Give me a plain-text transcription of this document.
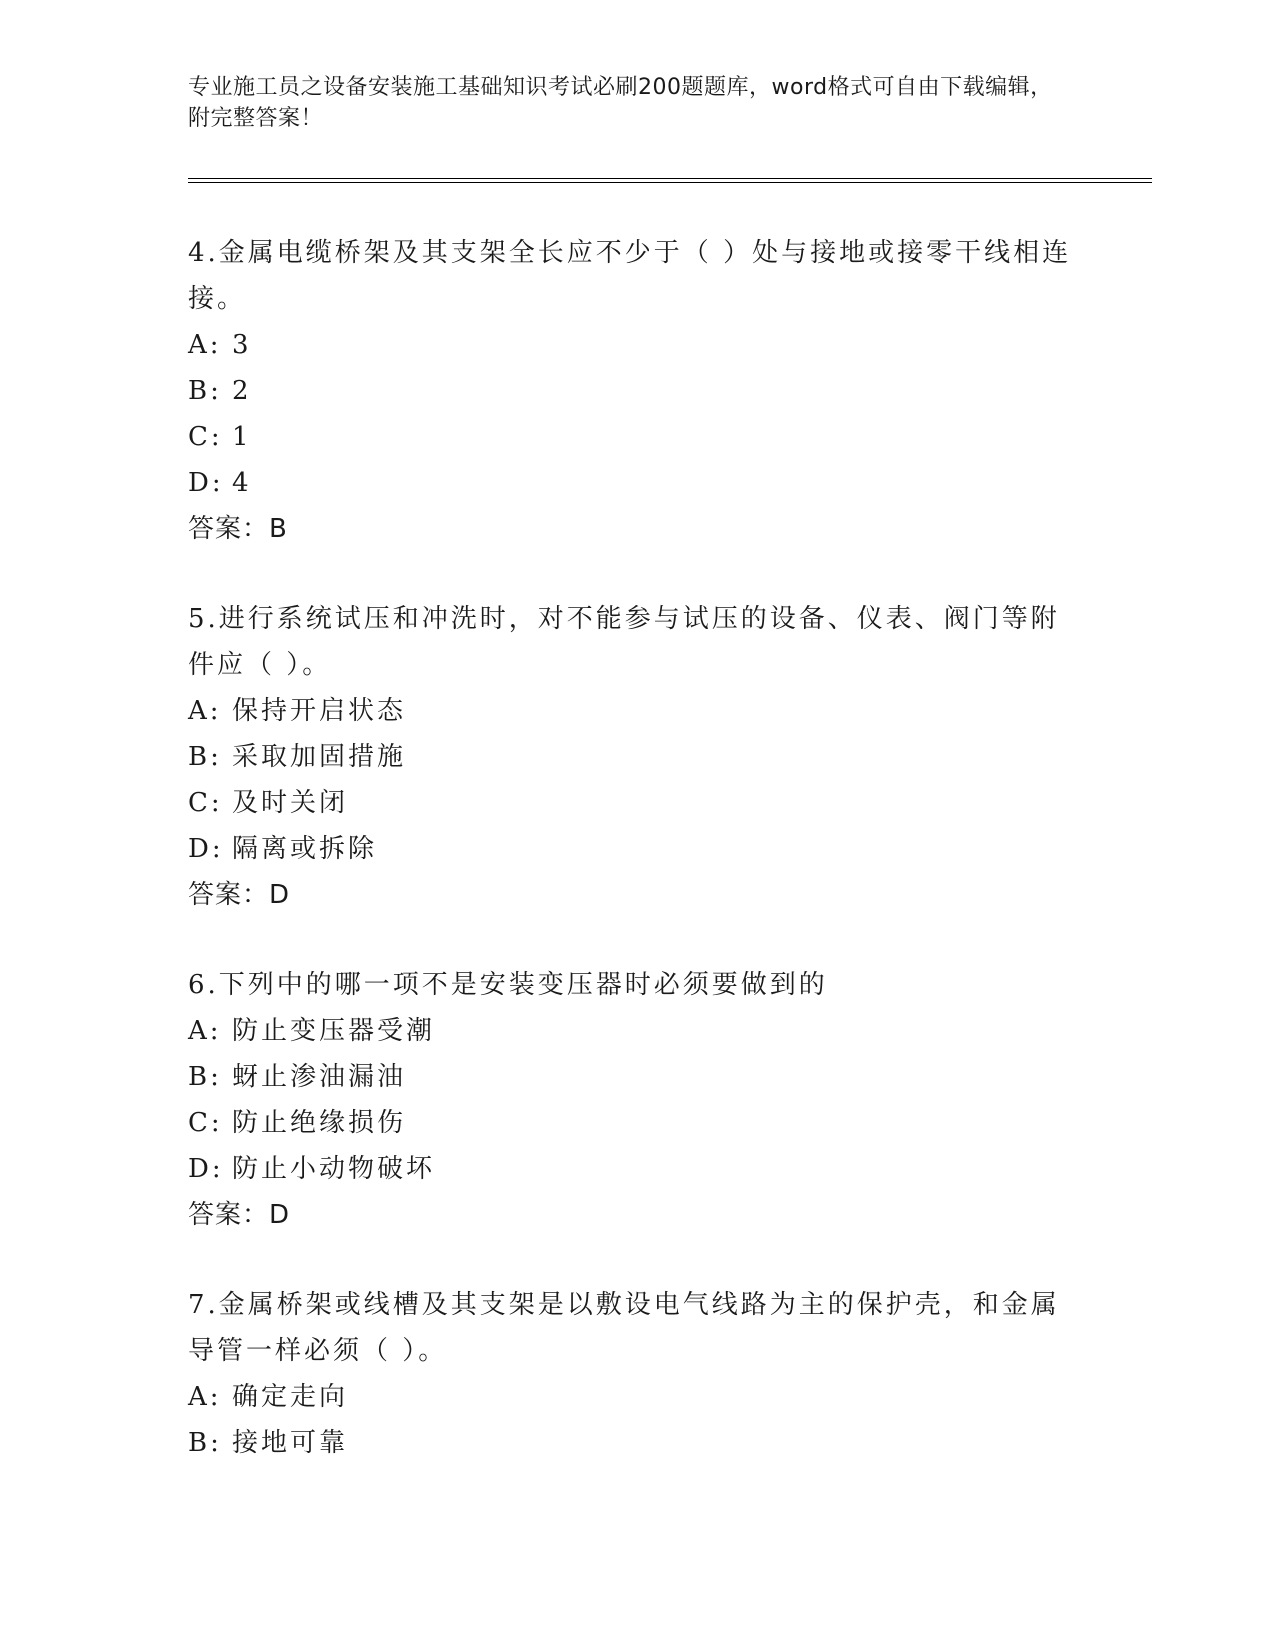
专业施工员之设备安装施工基础知识考试必刷200题题库，word格式可自由下载编辑，附完整答案！

4.金属电缆桥架及其支架全长应不少于（ ）处与接地或接零干线相连接。

A: 3
B: 2
C: 1
D: 4

答案：B

5.进行系统试压和冲洗时，对不能参与试压的设备、仪表、阀门等附件应（ ）。

A: 保持开启状态
B: 采取加固措施
C: 及时关闭
D: 隔离或拆除

答案：D

6.下列中的哪一项不是安装变压器时必须要做到的

A: 防止变压器受潮
B: 蚜止渗油漏油
C: 防止绝缘损伤
D: 防止小动物破坏

答案：D

7.金属桥架或线槽及其支架是以敷设电气线路为主的保护壳，和金属导管一样必须（ ）。

A: 确定走向
B: 接地可靠
